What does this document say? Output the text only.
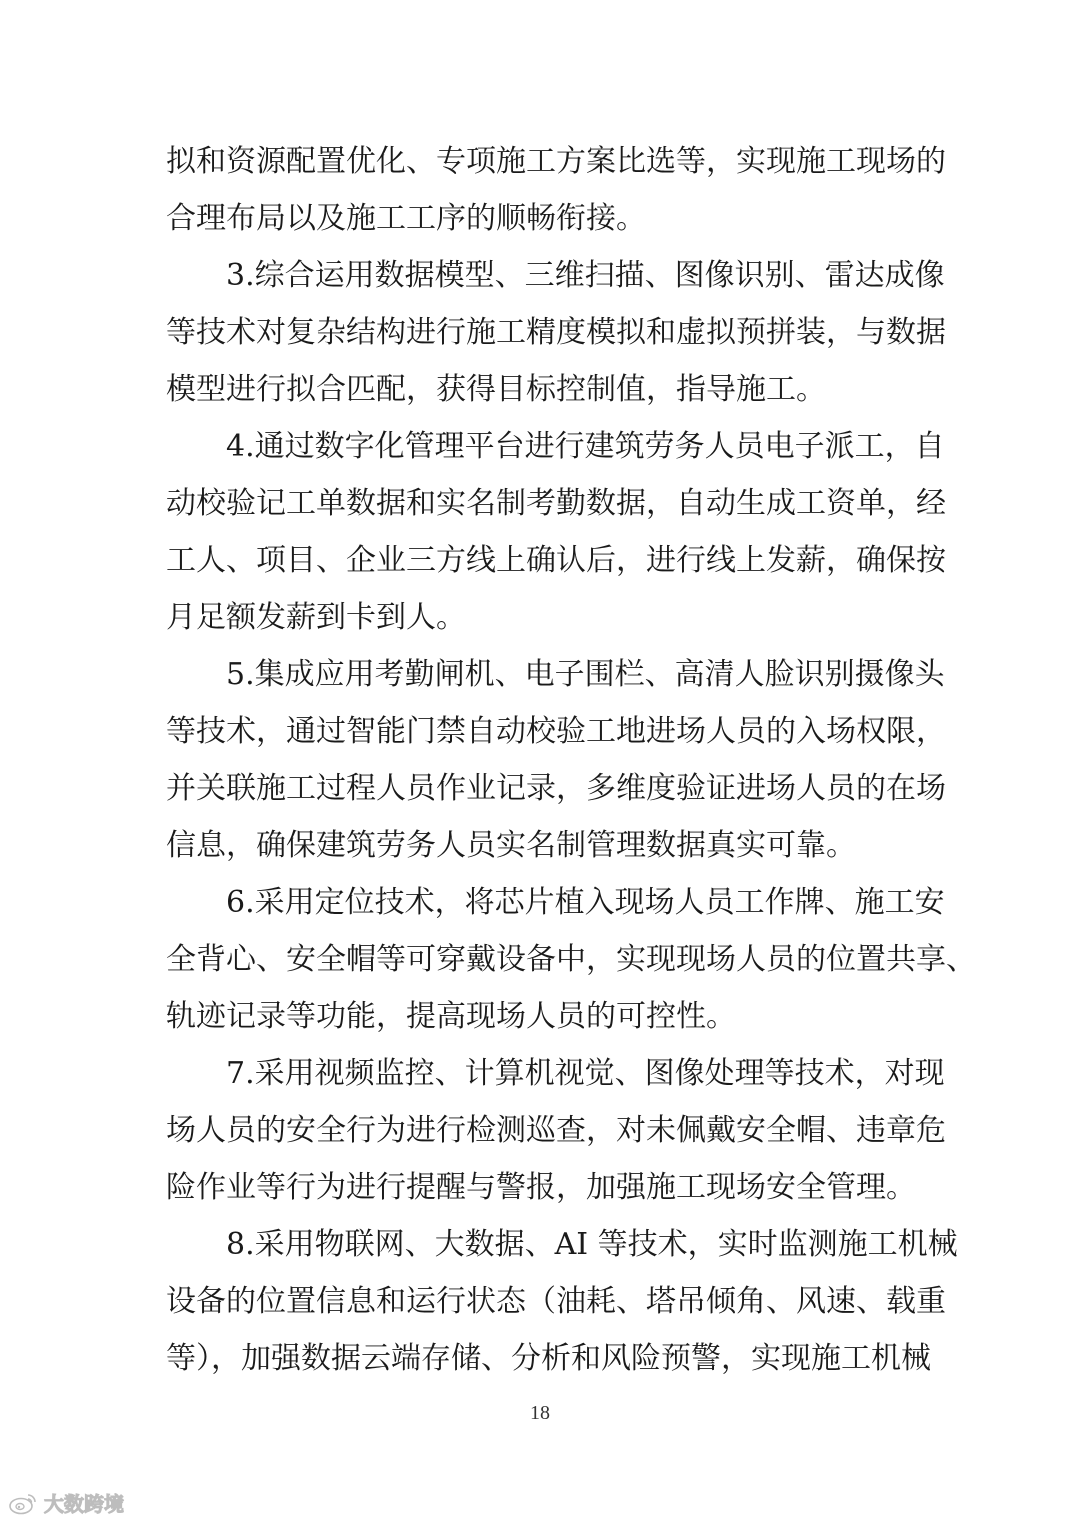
拟和资源配置优化、专项施工方案比选等，实现施工现场的
合理布局以及施工工序的顺畅衔接。
3.综合运用数据模型、三维扫描、图像识别、雷达成像
等技术对复杂结构进行施工精度模拟和虚拟预拼装，与数据
模型进行拟合匹配，获得目标控制值，指导施工。
4.通过数字化管理平台进行建筑劳务人员电子派工，自
动校验记工单数据和实名制考勤数据，自动生成工资单，经
工人、项目、企业三方线上确认后，进行线上发薪，确保按
月足额发薪到卡到人。
5.集成应用考勤闸机、电子围栏、高清人脸识别摄像头
等技术，通过智能门禁自动校验工地进场人员的入场权限，
并关联施工过程人员作业记录，多维度验证进场人员的在场
信息，确保建筑劳务人员实名制管理数据真实可靠。
6.采用定位技术，将芯片植入现场人员工作牌、施工安
全背心、安全帽等可穿戴设备中，实现现场人员的位置共享、
轨迹记录等功能，提高现场人员的可控性。
7.采用视频监控、计算机视觉、图像处理等技术，对现
场人员的安全行为进行检测巡查，对未佩戴安全帽、违章危
险作业等行为进行提醒与警报，加强施工现场安全管理。
8.采用物联网、大数据、AI 等技术，实时监测施工机械
设备的位置信息和运行状态（油耗、塔吊倾角、风速、载重
等），加强数据云端存储、分析和风险预警，实现施工机械
18
大数跨境
